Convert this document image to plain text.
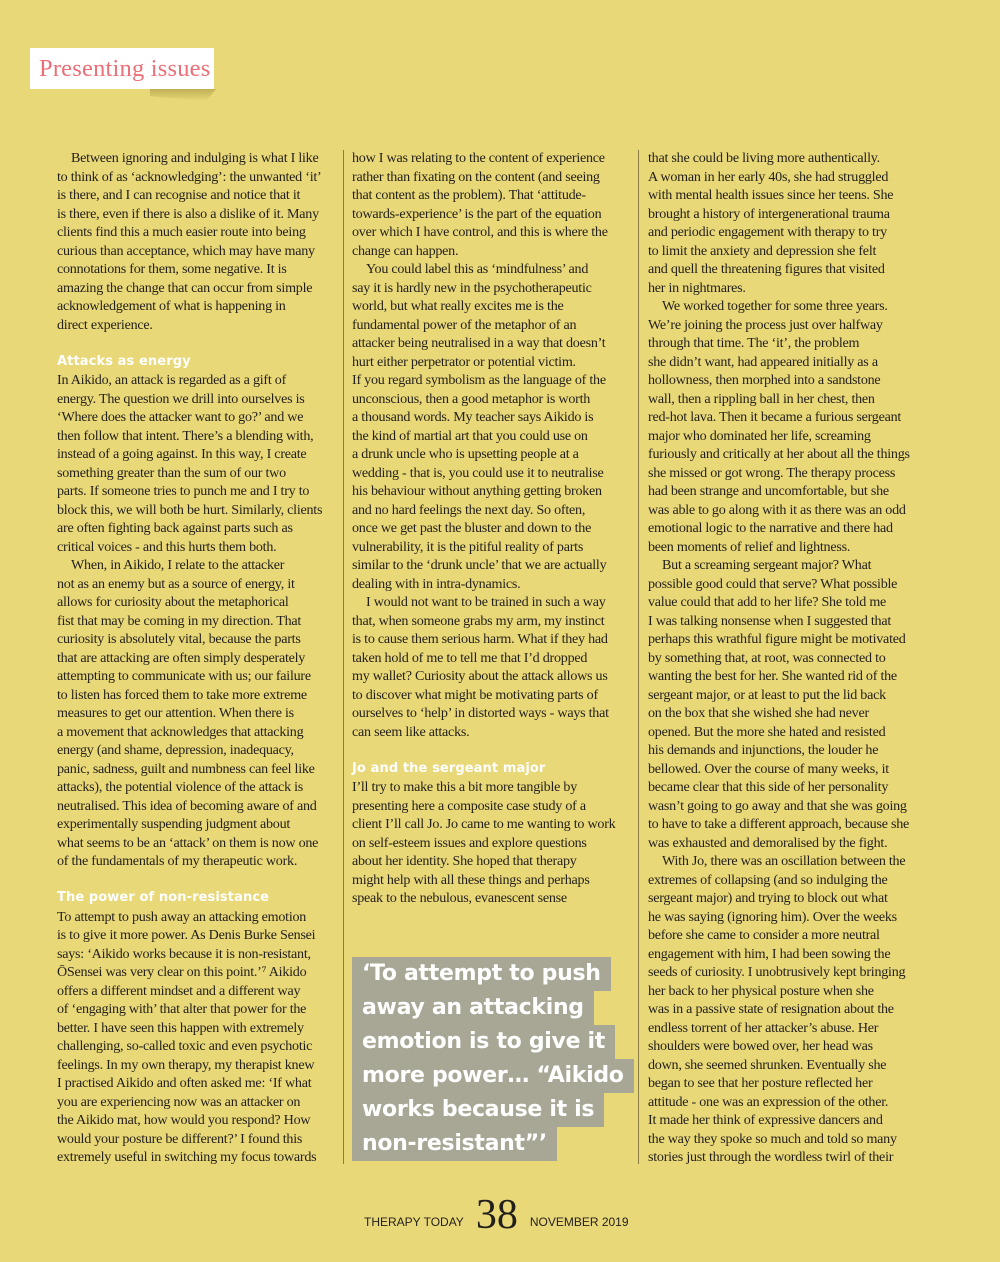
Presenting issues
Between ignoring and indulging is what I like
to think of as ‘acknowledging’: the unwanted ‘it’
is there, and I can recognise and notice that it
is there, even if there is also a dislike of it. Many
clients find this a much easier route into being
curious than acceptance, which may have many
connotations for them, some negative. It is
amazing the change that can occur from simple
acknowledgement of what is happening in
direct experience.
Attacks as energy
In Aikido, an attack is regarded as a gift of
energy. The question we drill into ourselves is
‘Where does the attacker want to go?’ and we
then follow that intent. There’s a blending with,
instead of a going against. In this way, I create
something greater than the sum of our two
parts. If someone tries to punch me and I try to
block this, we will both be hurt. Similarly, clients
are often fighting back against parts such as
critical voices - and this hurts them both.
When, in Aikido, I relate to the attacker
not as an enemy but as a source of energy, it
allows for curiosity about the metaphorical
fist that may be coming in my direction. That
curiosity is absolutely vital, because the parts
that are attacking are often simply desperately
attempting to communicate with us; our failure
to listen has forced them to take more extreme
measures to get our attention. When there is
a movement that acknowledges that attacking
energy (and shame, depression, inadequacy,
panic, sadness, guilt and numbness can feel like
attacks), the potential violence of the attack is
neutralised. This idea of becoming aware of and
experimentally suspending judgment about
what seems to be an ‘attack’ on them is now one
of the fundamentals of my therapeutic work.
The power of non-resistance
To attempt to push away an attacking emotion
is to give it more power. As Denis Burke Sensei
says: ‘Aikido works because it is non-resistant,
ŌSensei was very clear on this point.’⁷ Aikido
offers a different mindset and a different way
of ‘engaging with’ that alter that power for the
better. I have seen this happen with extremely
challenging, so-called toxic and even psychotic
feelings. In my own therapy, my therapist knew
I practised Aikido and often asked me: ‘If what
you are experiencing now was an attacker on
the Aikido mat, how would you respond? How
would your posture be different?’ I found this
extremely useful in switching my focus towards
how I was relating to the content of experience
rather than fixating on the content (and seeing
that content as the problem). That ‘attitude-
towards-experience’ is the part of the equation
over which I have control, and this is where the
change can happen.
You could label this as ‘mindfulness’ and
say it is hardly new in the psychotherapeutic
world, but what really excites me is the
fundamental power of the metaphor of an
attacker being neutralised in a way that doesn’t
hurt either perpetrator or potential victim.
If you regard symbolism as the language of the
unconscious, then a good metaphor is worth
a thousand words. My teacher says Aikido is
the kind of martial art that you could use on
a drunk uncle who is upsetting people at a
wedding - that is, you could use it to neutralise
his behaviour without anything getting broken
and no hard feelings the next day. So often,
once we get past the bluster and down to the
vulnerability, it is the pitiful reality of parts
similar to the ‘drunk uncle’ that we are actually
dealing with in intra-dynamics.
I would not want to be trained in such a way
that, when someone grabs my arm, my instinct
is to cause them serious harm. What if they had
taken hold of me to tell me that I’d dropped
my wallet? Curiosity about the attack allows us
to discover what might be motivating parts of
ourselves to ‘help’ in distorted ways - ways that
can seem like attacks.
Jo and the sergeant major
I’ll try to make this a bit more tangible by
presenting here a composite case study of a
client I’ll call Jo. Jo came to me wanting to work
on self-esteem issues and explore questions
about her identity. She hoped that therapy
might help with all these things and perhaps
speak to the nebulous, evanescent sense
that she could be living more authentically.
A woman in her early 40s, she had struggled
with mental health issues since her teens. She
brought a history of intergenerational trauma
and periodic engagement with therapy to try
to limit the anxiety and depression she felt
and quell the threatening figures that visited
her in nightmares.
We worked together for some three years.
We’re joining the process just over halfway
through that time. The ‘it’, the problem
she didn’t want, had appeared initially as a
hollowness, then morphed into a sandstone
wall, then a rippling ball in her chest, then
red-hot lava. Then it became a furious sergeant
major who dominated her life, screaming
furiously and critically at her about all the things
she missed or got wrong. The therapy process
had been strange and uncomfortable, but she
was able to go along with it as there was an odd
emotional logic to the narrative and there had
been moments of relief and lightness.
But a screaming sergeant major? What
possible good could that serve? What possible
value could that add to her life? She told me
I was talking nonsense when I suggested that
perhaps this wrathful figure might be motivated
by something that, at root, was connected to
wanting the best for her. She wanted rid of the
sergeant major, or at least to put the lid back
on the box that she wished she had never
opened. But the more she hated and resisted
his demands and injunctions, the louder he
bellowed. Over the course of many weeks, it
became clear that this side of her personality
wasn’t going to go away and that she was going
to have to take a different approach, because she
was exhausted and demoralised by the fight.
With Jo, there was an oscillation between the
extremes of collapsing (and so indulging the
sergeant major) and trying to block out what
he was saying (ignoring him). Over the weeks
before she came to consider a more neutral
engagement with him, I had been sowing the
seeds of curiosity. I unobtrusively kept bringing
her back to her physical posture when she
was in a passive state of resignation about the
endless torrent of her attacker’s abuse. Her
shoulders were bowed over, her head was
down, she seemed shrunken. Eventually she
began to see that her posture reflected her
attitude - one was an expression of the other.
It made her think of expressive dancers and
the way they spoke so much and told so many
stories just through the wordless twirl of their
‘To attempt to push
away an attacking
emotion is to give it
more power… “Aikido
works because it is
non-resistant”’
THERAPY TODAY 38 NOVEMBER 2019
